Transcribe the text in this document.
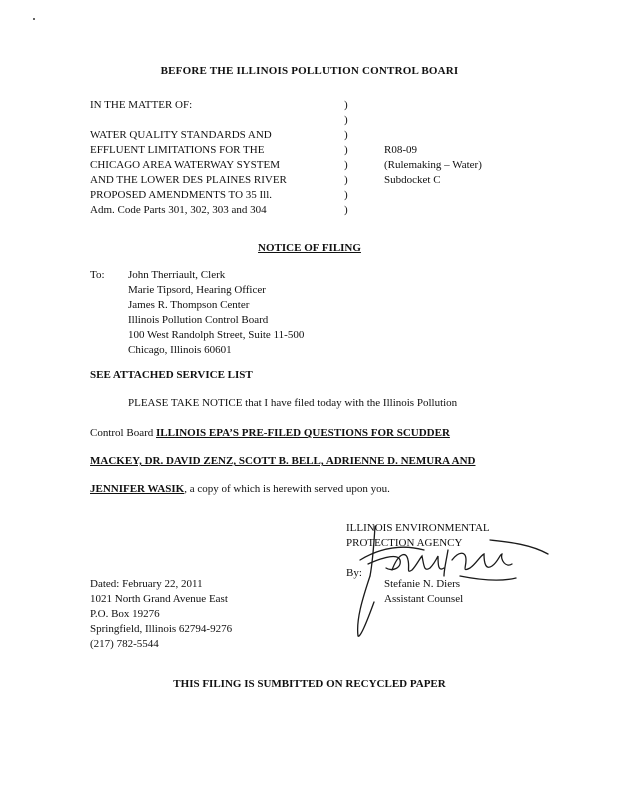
BEFORE THE ILLINOIS POLLUTION CONTROL BOARI
IN THE MATTER OF:
WATER QUALITY STANDARDS AND
EFFLUENT LIMITATIONS FOR THE
CHICAGO AREA WATERWAY SYSTEM
AND THE LOWER DES PLAINES RIVER
PROPOSED AMENDMENTS TO 35 Ill.
Adm. Code Parts 301, 302, 303 and 304
)
)
)
)
)
)
)
)
R08-09
(Rulemaking – Water)
Subdocket C
NOTICE OF FILING
To: John Therriault, Clerk
Marie Tipsord, Hearing Officer
James R. Thompson Center
Illinois Pollution Control Board
100 West Randolph Street, Suite 11-500
Chicago, Illinois 60601
SEE ATTACHED SERVICE LIST
PLEASE TAKE NOTICE that I have filed today with the Illinois Pollution
Control Board ILLINOIS EPA’S PRE-FILED QUESTIONS FOR SCUDDER
MACKEY, DR. DAVID ZENZ, SCOTT B. BELL, ADRIENNE D. NEMURA AND
JENNIFER WASIK, a copy of which is herewith served upon you.
ILLINOIS ENVIRONMENTAL
PROTECTION AGENCY
By:
Stefanie N. Diers
Assistant Counsel
Dated: February 22, 2011
1021 North Grand Avenue East
P.O. Box 19276
Springfield, Illinois 62794-9276
(217) 782-5544
THIS FILING IS SUMBITTED ON RECYCLED PAPER
